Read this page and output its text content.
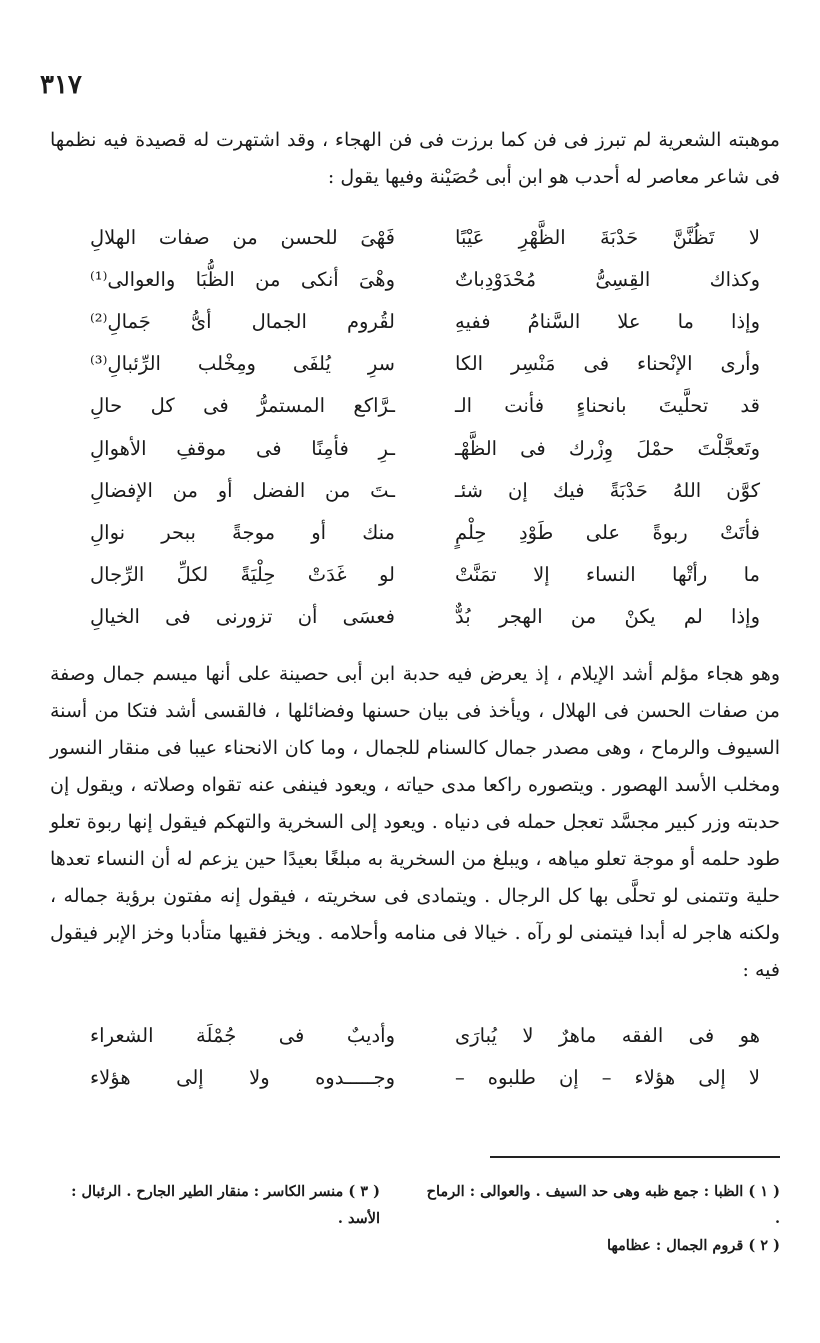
٣١٧

موهبته الشعرية لم تبرز فى فن كما برزت فى فن الهجاء ، وقد اشتهرت له قصيدة فيه نظمها فى شاعر معاصر له أحدب هو ابن أبى حُصَيْنة وفيها يقول :

لا تَظُنَّنَّ حَدْبَةَ الظَّهْرِ عَيْبًا
فَهْىَ للحسن من صفات الهلالِ
وكذاك القِسِىُّ مُحْدَوْدِباتٌ
وهْىَ أنكى من الظُّبَا والعوالى⁽¹⁾
وإذا ما علا السَّنامُ ففيهِ
لقُروم الجمال أىُّ جَمالِ⁽²⁾
وأرى الإنْحناء فى مَنْسِر الكا
سرِ يُلفَى ومِخْلب الرِّئبالِ⁽³⁾
قد تحلَّيتَ بانحناءٍ فأنت الـ
ـرَّاكع المستمرُّ فى كل حالِ
وتَعجَّلْتَ حمْلَ وِزْرك فى الظَّهْـ
ـرِ فأمِنًا فى موقفِ الأهوالِ
كوَّن اللهُ حَدْبَةً فيك إن شئـ
ـتَ من الفضل أو من الإفضالِ
فأتَتْ ربوةً على طَوْدِ حِلْمٍ
منك أو موجةً ببحر نوالِ
ما رأتْها النساء إلا تمَنَّتْ
لو غَدَتْ حِلْيَةً لكلِّ الرِّجال
وإذا لم يكنْ من الهجر بُدٌّ
فعسَى أن تزورنى فى الخيالِ

وهو هجاء مؤلم أشد الإيلام ، إذ يعرض فيه حدبة ابن أبى حصينة على أنها ميسم جمال وصفة من صفات الحسن فى الهلال ، ويأخذ فى بيان حسنها وفضائلها ، فالقسى أشد فتكا من أسنة السيوف والرماح ، وهى مصدر جمال كالسنام للجمال ، وما كان الانحناء عيبا فى منقار النسور ومخلب الأسد الهصور . ويتصوره راكعا مدى حياته ، ويعود فينفى عنه تقواه وصلاته ، ويقول إن حدبته وزر كبير مجسَّد تعجل حمله فى دنياه . ويعود إلى السخرية والتهكم فيقول إنها ربوة تعلو طود حلمه أو موجة تعلو مياهه ، ويبلغ من السخرية به مبلغًا بعيدًا حين يزعم له أن النساء تعدها حلية وتتمنى لو تحلَّى بها كل الرجال . ويتمادى فى سخريته ، فيقول إنه مفتون برؤية جماله ، ولكنه هاجر له أبدا فيتمنى لو رآه . خيالا فى منامه وأحلامه . ويخز فقيها متأدبا وخز الإبر فيقول فيه :

هو فى الفقه ماهرٌ لا يُبارَى
وأديبٌ فى جُمْلَة الشعراء
لا إلى هؤلاء – إن طلبوه –
وجـــــدوه ولا إلى هؤلاء

( ١ ) الظبا : جمع ظبه وهى حد السيف . والعوالى : الرماح .

( ٢ ) قروم الجمال : عظامها

( ٣ ) منسر الكاسر : منقار الطير الجارح . الرئبال : الأسد .
